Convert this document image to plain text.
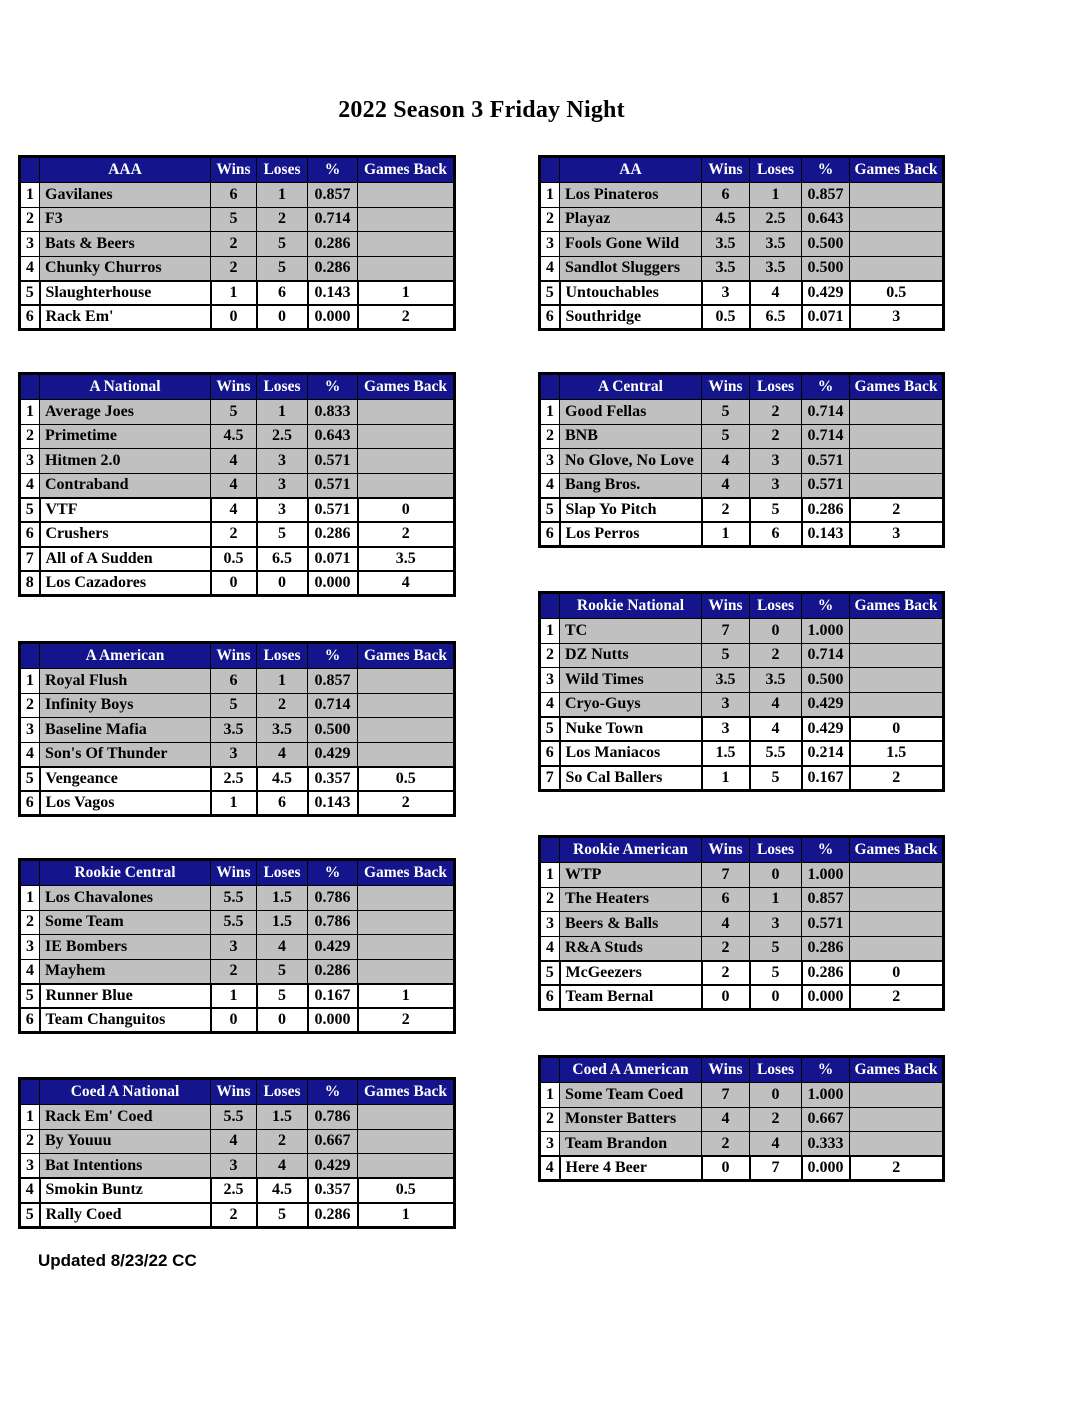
2022 Season 3 Friday Night
	AAA	Wins	Loses	%	Games Back
1	Gavilanes	6	1	0.857	
2	F3	5	2	0.714	
3	Bats & Beers	2	5	0.286	
4	Chunky Churros	2	5	0.286	
5	Slaughterhouse	1	6	0.143	1
6	Rack Em'	0	0	0.000	2
	AA	Wins	Loses	%	Games Back
1	Los Pinateros	6	1	0.857	
2	Playaz	4.5	2.5	0.643	
3	Fools Gone Wild	3.5	3.5	0.500	
4	Sandlot Sluggers	3.5	3.5	0.500	
5	Untouchables	3	4	0.429	0.5
6	Southridge	0.5	6.5	0.071	3
	A National	Wins	Loses	%	Games Back
1	Average Joes	5	1	0.833	
2	Primetime	4.5	2.5	0.643	
3	Hitmen 2.0	4	3	0.571	
4	Contraband	4	3	0.571	
5	VTF	4	3	0.571	0
6	Crushers	2	5	0.286	2
7	All of A Sudden	0.5	6.5	0.071	3.5
8	Los Cazadores	0	0	0.000	4
	A Central	Wins	Loses	%	Games Back
1	Good Fellas	5	2	0.714	
2	BNB	5	2	0.714	
3	No Glove, No Love	4	3	0.571	
4	Bang Bros.	4	3	0.571	
5	Slap Yo Pitch	2	5	0.286	2
6	Los Perros	1	6	0.143	3
	A American	Wins	Loses	%	Games Back
1	Royal Flush	6	1	0.857	
2	Infinity Boys	5	2	0.714	
3	Baseline Mafia	3.5	3.5	0.500	
4	Son's Of Thunder	3	4	0.429	
5	Vengeance	2.5	4.5	0.357	0.5
6	Los Vagos	1	6	0.143	2
	Rookie National	Wins	Loses	%	Games Back
1	TC	7	0	1.000	
2	DZ Nutts	5	2	0.714	
3	Wild Times	3.5	3.5	0.500	
4	Cryo-Guys	3	4	0.429	
5	Nuke Town	3	4	0.429	0
6	Los Maniacos	1.5	5.5	0.214	1.5
7	So Cal Ballers	1	5	0.167	2
	Rookie Central	Wins	Loses	%	Games Back
1	Los Chavalones	5.5	1.5	0.786	
2	Some Team	5.5	1.5	0.786	
3	IE Bombers	3	4	0.429	
4	Mayhem	2	5	0.286	
5	Runner Blue	1	5	0.167	1
6	Team Changuitos	0	0	0.000	2
	Rookie American	Wins	Loses	%	Games Back
1	WTP	7	0	1.000	
2	The Heaters	6	1	0.857	
3	Beers & Balls	4	3	0.571	
4	R&A Studs	2	5	0.286	
5	McGeezers	2	5	0.286	0
6	Team Bernal	0	0	0.000	2
	Coed A National	Wins	Loses	%	Games Back
1	Rack Em' Coed	5.5	1.5	0.786	
2	By Youuu	4	2	0.667	
3	Bat Intentions	3	4	0.429	
4	Smokin Buntz	2.5	4.5	0.357	0.5
5	Rally Coed	2	5	0.286	1
	Coed A American	Wins	Loses	%	Games Back
1	Some Team Coed	7	0	1.000	
2	Monster Batters	4	2	0.667	
3	Team Brandon	2	4	0.333	
4	Here 4 Beer	0	7	0.000	2
Updated 8/23/22 CC
